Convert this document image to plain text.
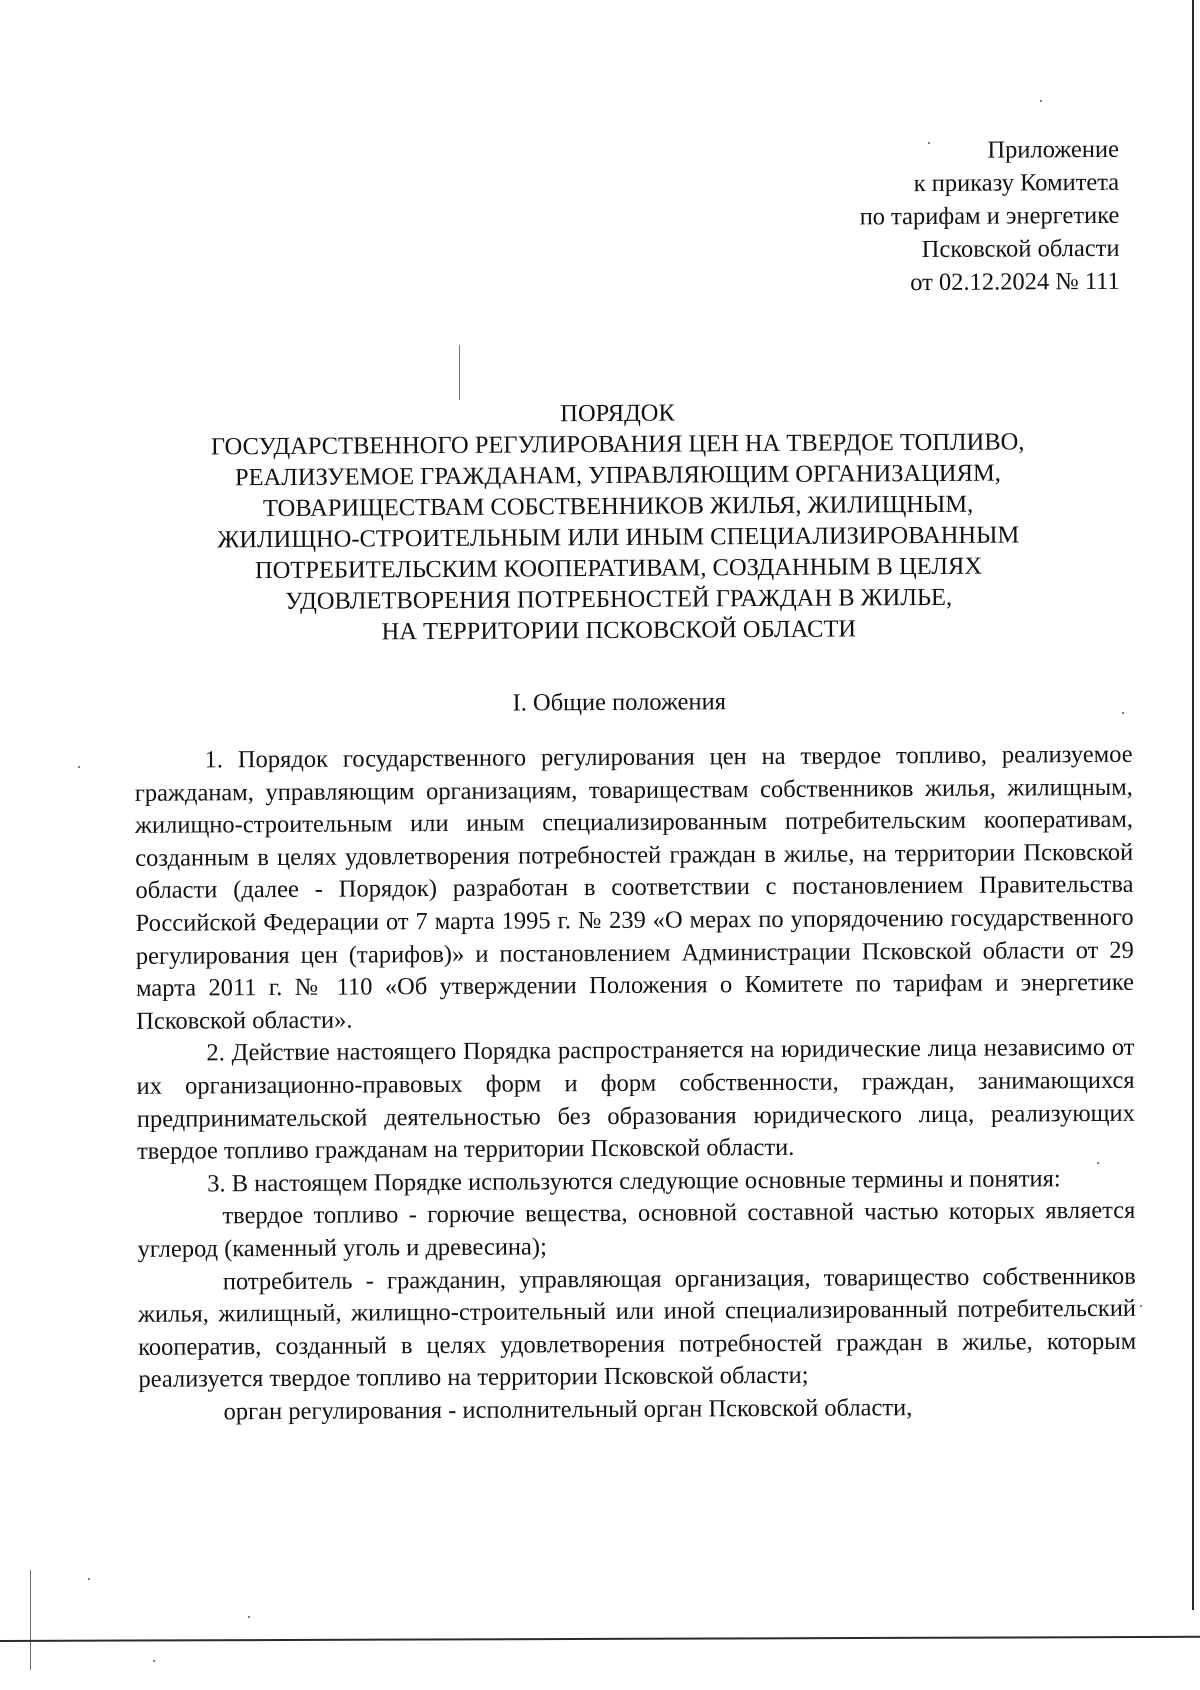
Приложение
к приказу Комитета
по тарифам и энергетике
Псковской области
от 02.12.2024 № 111
ПОРЯДОК
ГОСУДАРСТВЕННОГО РЕГУЛИРОВАНИЯ ЦЕН НА ТВЕРДОЕ ТОПЛИВО,
РЕАЛИЗУЕМОЕ ГРАЖДАНАМ, УПРАВЛЯЮЩИМ ОРГАНИЗАЦИЯМ,
ТОВАРИЩЕСТВАМ СОБСТВЕННИКОВ ЖИЛЬЯ, ЖИЛИЩНЫМ,
ЖИЛИЩНО-СТРОИТЕЛЬНЫМ ИЛИ ИНЫМ СПЕЦИАЛИЗИРОВАННЫМ
ПОТРЕБИТЕЛЬСКИМ КООПЕРАТИВАМ, СОЗДАННЫМ В ЦЕЛЯХ
УДОВЛЕТВОРЕНИЯ ПОТРЕБНОСТЕЙ ГРАЖДАН В ЖИЛЬЕ,
НА ТЕРРИТОРИИ ПСКОВСКОЙ ОБЛАСТИ
I. Общие положения

1. Порядок государственного регулирования цен на твердое топливо, реализуемое гражданам, управляющим организациям, товариществам собственников жилья, жилищным, жилищно-строительным или иным специализированным потребительским кооперативам, созданным в целях удовлетворения потребностей граждан в жилье, на территории Псковской области (далее - Порядок) разработан в соответствии с постановлением Правительства Российской Федерации от 7 марта 1995 г. № 239 «О мерах по упорядочению государственного регулирования цен (тарифов)» и постановлением Администрации Псковской области от 29 марта 2011 г. № 110 «Об утверждении Положения о Комитете по тарифам и энергетике Псковской области».

2. Действие настоящего Порядка распространяется на юридические лица независимо от их организационно-правовых форм и форм собственности, граждан, занимающихся предпринимательской деятельностью без образования юридического лица, реализующих твердое топливо гражданам на территории Псковской области.

3. В настоящем Порядке используются следующие основные термины и понятия:

твердое топливо - горючие вещества, основной составной частью которых является углерод (каменный уголь и древесина);

потребитель - гражданин, управляющая организация, товарищество собственников жилья, жилищный, жилищно-строительный или иной специализированный потребительский кооператив, созданный в целях удовлетворения потребностей граждан в жилье, которым реализуется твердое топливо на территории Псковской области;

орган регулирования - исполнительный орган Псковской области,
